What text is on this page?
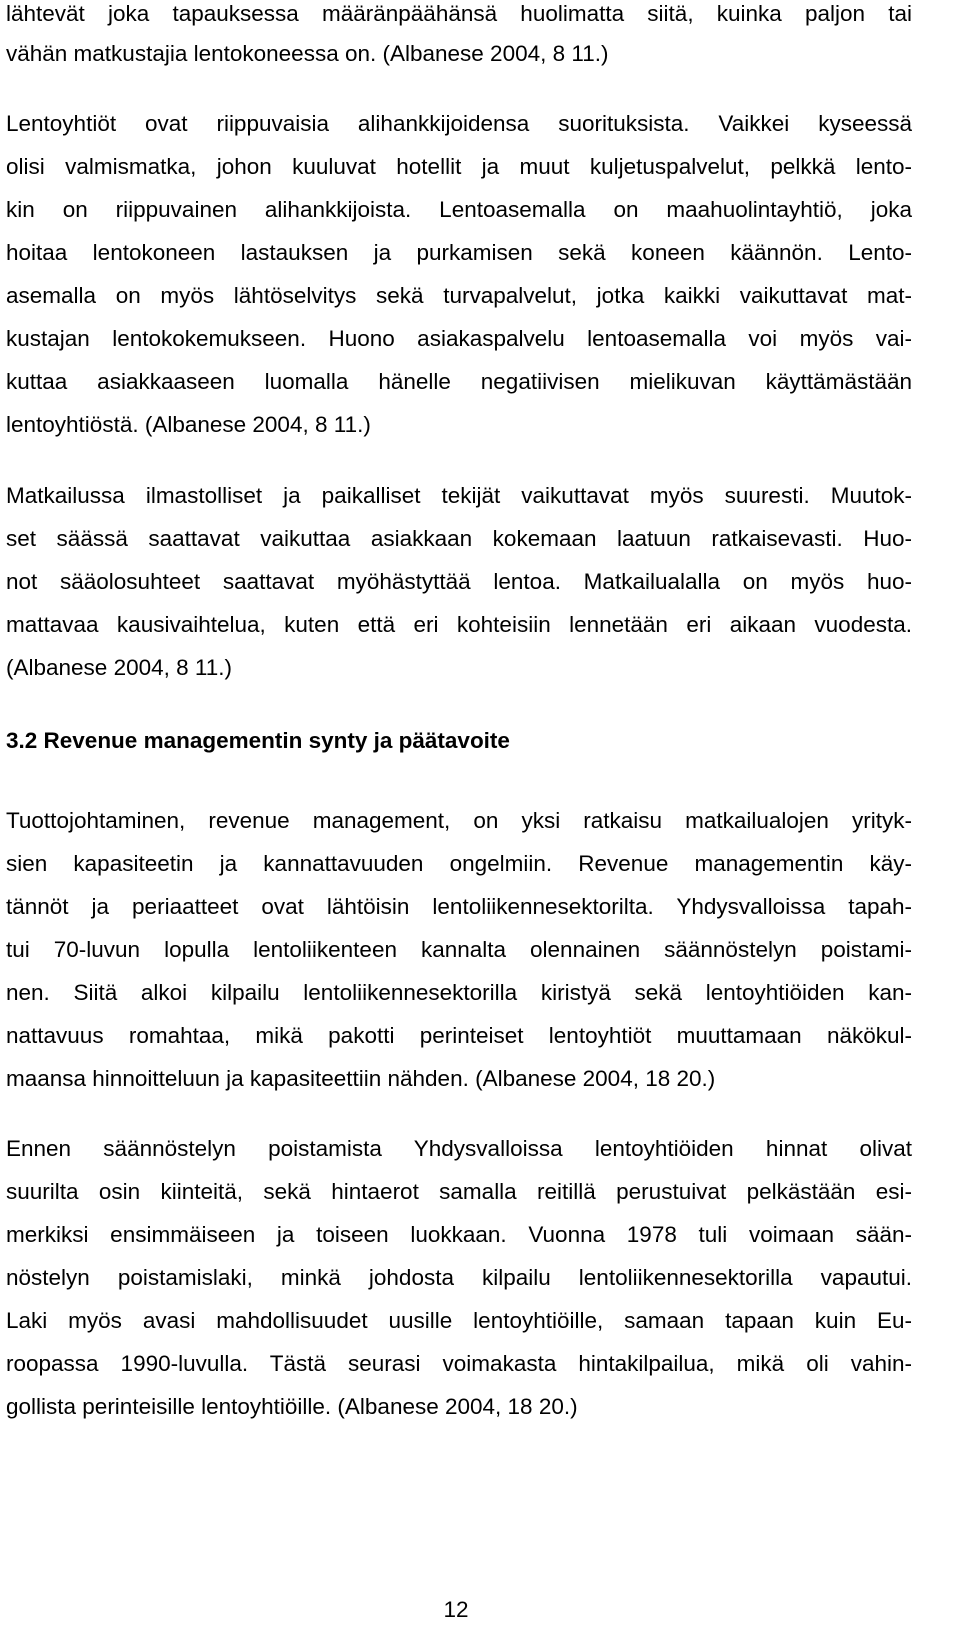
lähtevät joka tapauksessa määränpäähänsä huolimatta siitä, kuinka paljon tai
vähän matkustajia lentokoneessa on. (Albanese 2004, 8 11.)
Lentoyhtiöt ovat riippuvaisia alihankkijoidensa suorituksista. Vaikkei kyseessä
olisi valmismatka, johon kuuluvat hotellit ja muut kuljetuspalvelut, pelkkä lento-
kin on riippuvainen alihankkijoista. Lentoasemalla on maahuolintayhtiö, joka
hoitaa lentokoneen lastauksen ja purkamisen sekä koneen käännön. Lento-
asemalla on myös lähtöselvitys sekä turvapalvelut, jotka kaikki vaikuttavat mat-
kustajan lentokokemukseen. Huono asiakaspalvelu lentoasemalla voi myös vai-
kuttaa asiakkaaseen luomalla hänelle negatiivisen mielikuvan käyttämästään
lentoyhtiöstä. (Albanese 2004, 8 11.)
Matkailussa ilmastolliset ja paikalliset tekijät vaikuttavat myös suuresti. Muutok-
set säässä saattavat vaikuttaa asiakkaan kokemaan laatuun ratkaisevasti. Huo-
not sääolosuhteet saattavat myöhästyttää lentoa. Matkailualalla on myös huo-
mattavaa kausivaihtelua, kuten että eri kohteisiin lennetään eri aikaan vuodesta.
(Albanese 2004, 8 11.)
3.2 Revenue managementin synty ja päätavoite
Tuottojohtaminen, revenue management, on yksi ratkaisu matkailualojen yrityk-
sien kapasiteetin ja kannattavuuden ongelmiin. Revenue managementin käy-
tännöt ja periaatteet ovat lähtöisin lentoliikennesektorilta. Yhdysvalloissa tapah-
tui 70-luvun lopulla lentoliikenteen kannalta olennainen säännöstelyn poistami-
nen. Siitä alkoi kilpailu lentoliikennesektorilla kiristyä sekä lentoyhtiöiden kan-
nattavuus romahtaa, mikä pakotti perinteiset lentoyhtiöt muuttamaan näkökul-
maansa hinnoitteluun ja kapasiteettiin nähden. (Albanese 2004, 18 20.)
Ennen säännöstelyn poistamista Yhdysvalloissa lentoyhtiöiden hinnat olivat
suurilta osin kiinteitä, sekä hintaerot samalla reitillä perustuivat pelkästään esi-
merkiksi ensimmäiseen ja toiseen luokkaan. Vuonna 1978 tuli voimaan sään-
nöstelyn poistamislaki, minkä johdosta kilpailu lentoliikennesektorilla vapautui.
Laki myös avasi mahdollisuudet uusille lentoyhtiöille, samaan tapaan kuin Eu-
roopassa 1990-luvulla. Tästä seurasi voimakasta hintakilpailua, mikä oli vahin-
gollista perinteisille lentoyhtiöille. (Albanese 2004, 18 20.)
12
